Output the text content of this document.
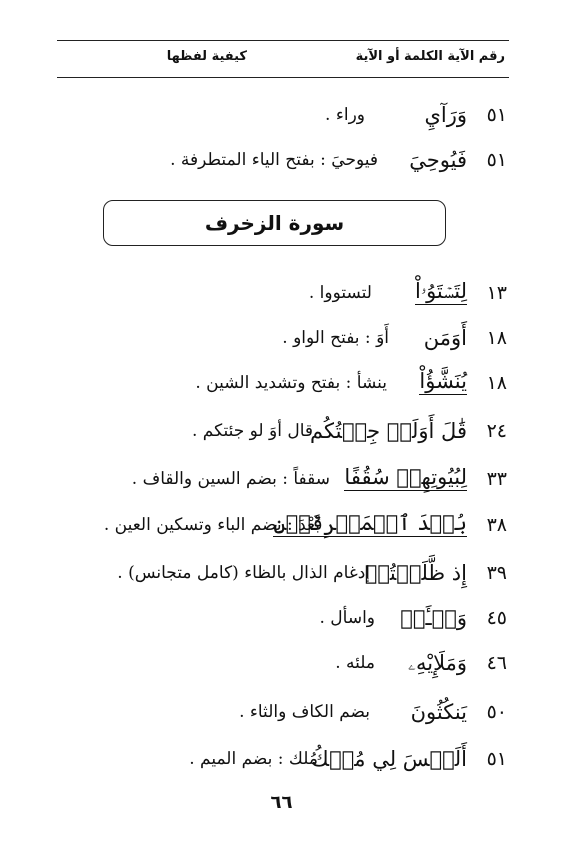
رقم الآية الكلمة أو الآية
كيفية لفظها
٥١
وَرَآيِ
وراء .
٥١
فَيُوحِيَ
فيوحيَ : بفتح الياء المتطرفة .
سورة الزخرف
١٣
لِتَسۡتَوُۥاْ
لتستووا .
١٨
أَوَمَن
أَوَ : بفتح الواو .
١٨
يُنَشَّؤُاْ
ينشأ : بفتح وتشديد الشين .
٢٤
قَٰلَ أَوَلَوۡ جِئۡتُكُم
قال أوَ لو جئتكم .
٣٣
لِبُيُوتِهِمۡ سُقُفًا
سقفاً : بضم السين والقاف .
٣٨
بُعۡدَ ٱلۡمَشۡرِقَيۡنِ
بُعْدَ : بضم الباء وتسكين العين .
٣٩
إِذ ظَّلَمۡتُمۡ
إدغام الذال بالظاء (كامل متجانس) .
٤٥
وَسۡـَٔلۡ
واسأل .
٤٦
وَمَلَإِيْهِۦ
ملئه .
٥٠
يَنكُثُونَ
بضم الكاف والثاء .
٥١
أَلَيۡسَ لِي مُلۡكُ
مُلك : بضم الميم .
٦٦
